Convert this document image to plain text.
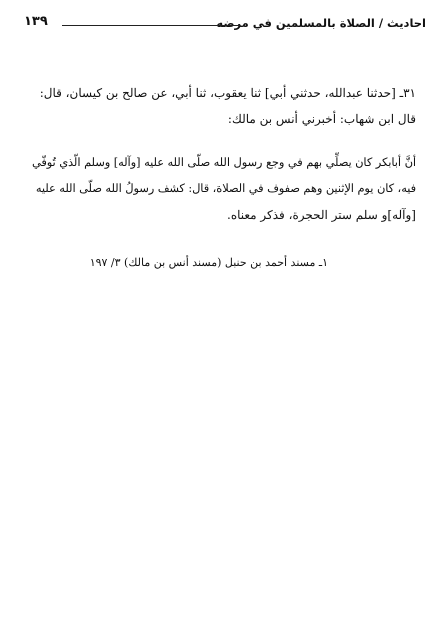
احاديث / الصلاة بالمسلمين في مرضه
١٣٩
٣١ـ [حدثنا عبدالله، حدثني أبي] ثنا يعقوب، ثنا أبي، عن صالح بن كيسان، قال:
قال ابن شهاب: أخبرني أنس بن مالك:
أنَّ أبابكر كان يصلِّي بهم في وجع رسول الله صلّى الله عليه [وآله] وسلم الّذي تُوفّي
فيه، كان يوم الإثنين وهم صفوف في الصلاة، قال: كشف رسولُ الله صلّى الله عليه
[وآله]و سلم ستر الحجرة، فذكر معناه.
١ـ مسند أحمد بن حنبل (مسند أنس بن مالك) ٣/ ١٩٧
